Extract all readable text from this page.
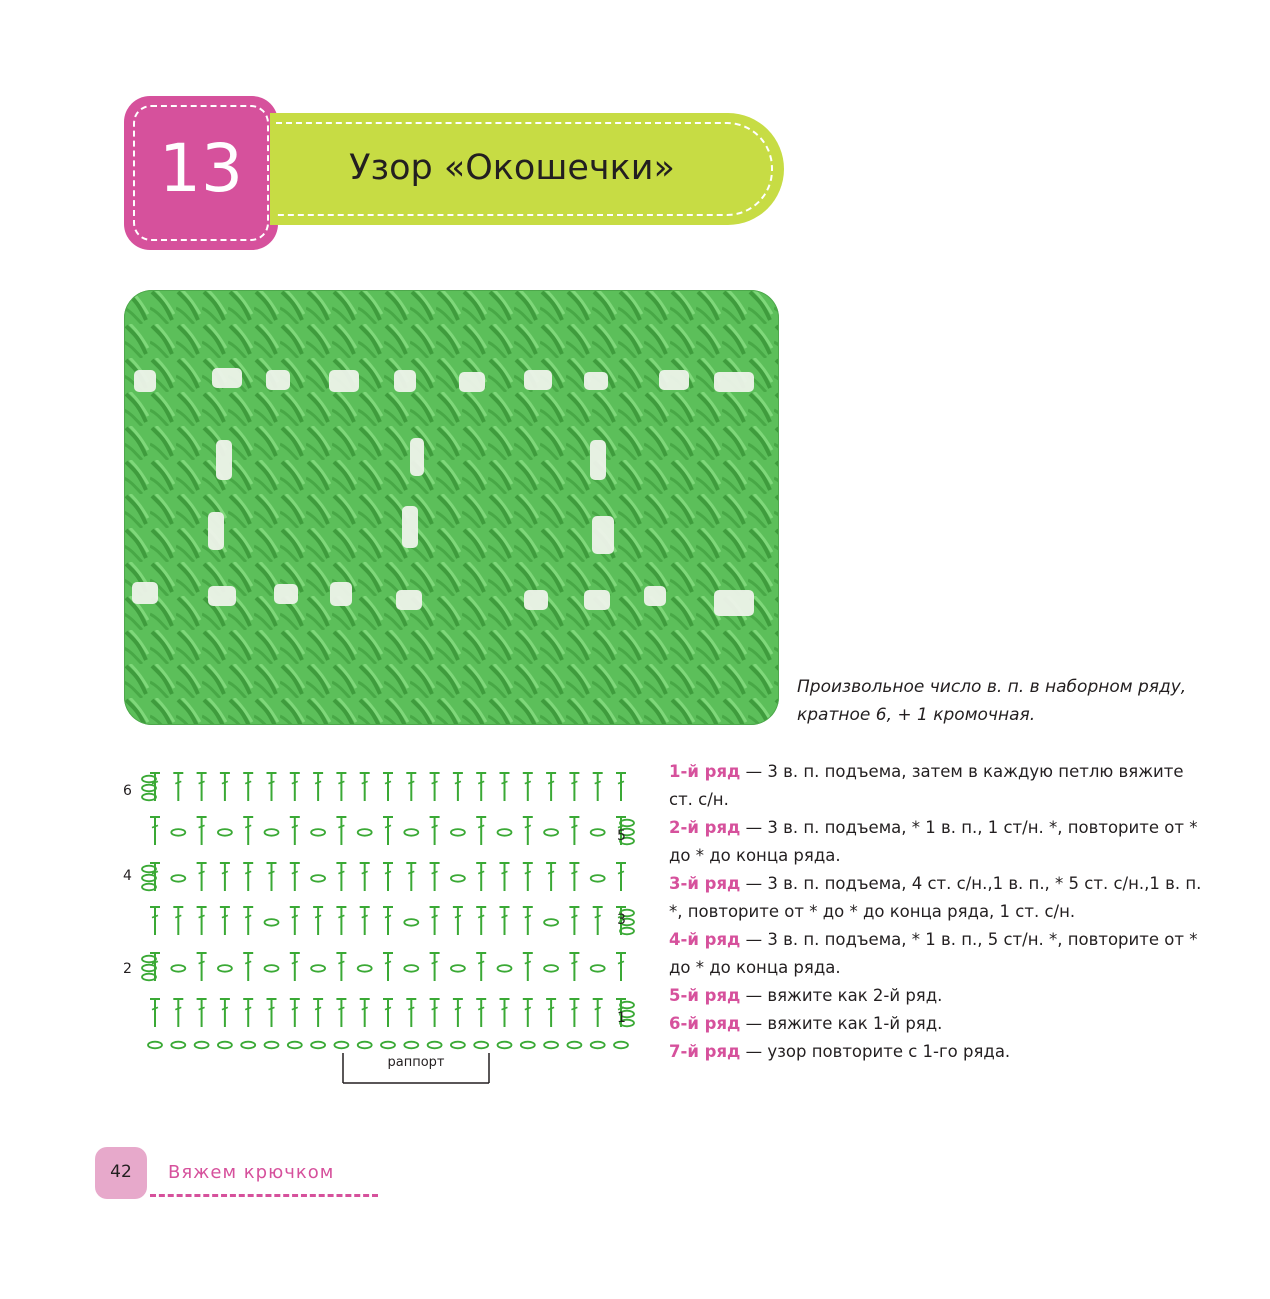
13	Узор «Окошечки»
Произвольное число в. п. в наборном ряду, кратное 6, + 1 кромочная.
6
5
4
3
2
1
раппорт

1-й ряд — 3 в. п. подъема, затем в каждую петлю вяжите ст. с/н.

2-й ряд — 3 в. п. подъема, * 1 в. п., 1 ст/н. *, повторите от * до * до конца ряда.

3-й ряд — 3 в. п. подъема, 4 ст. с/н.,1 в. п., * 5 ст. с/н.,1 в. п. *, повторите от * до * до конца ряда, 1 ст. с/н.

4-й ряд — 3 в. п. подъема, * 1 в. п., 5 ст/н. *, повторите от * до * до конца ряда.

5-й ряд — вяжите как 2-й ряд.

6-й ряд — вяжите как 1-й ряд.

7-й ряд — узор повторите с 1-го ряда.

42	Вяжем крючком
